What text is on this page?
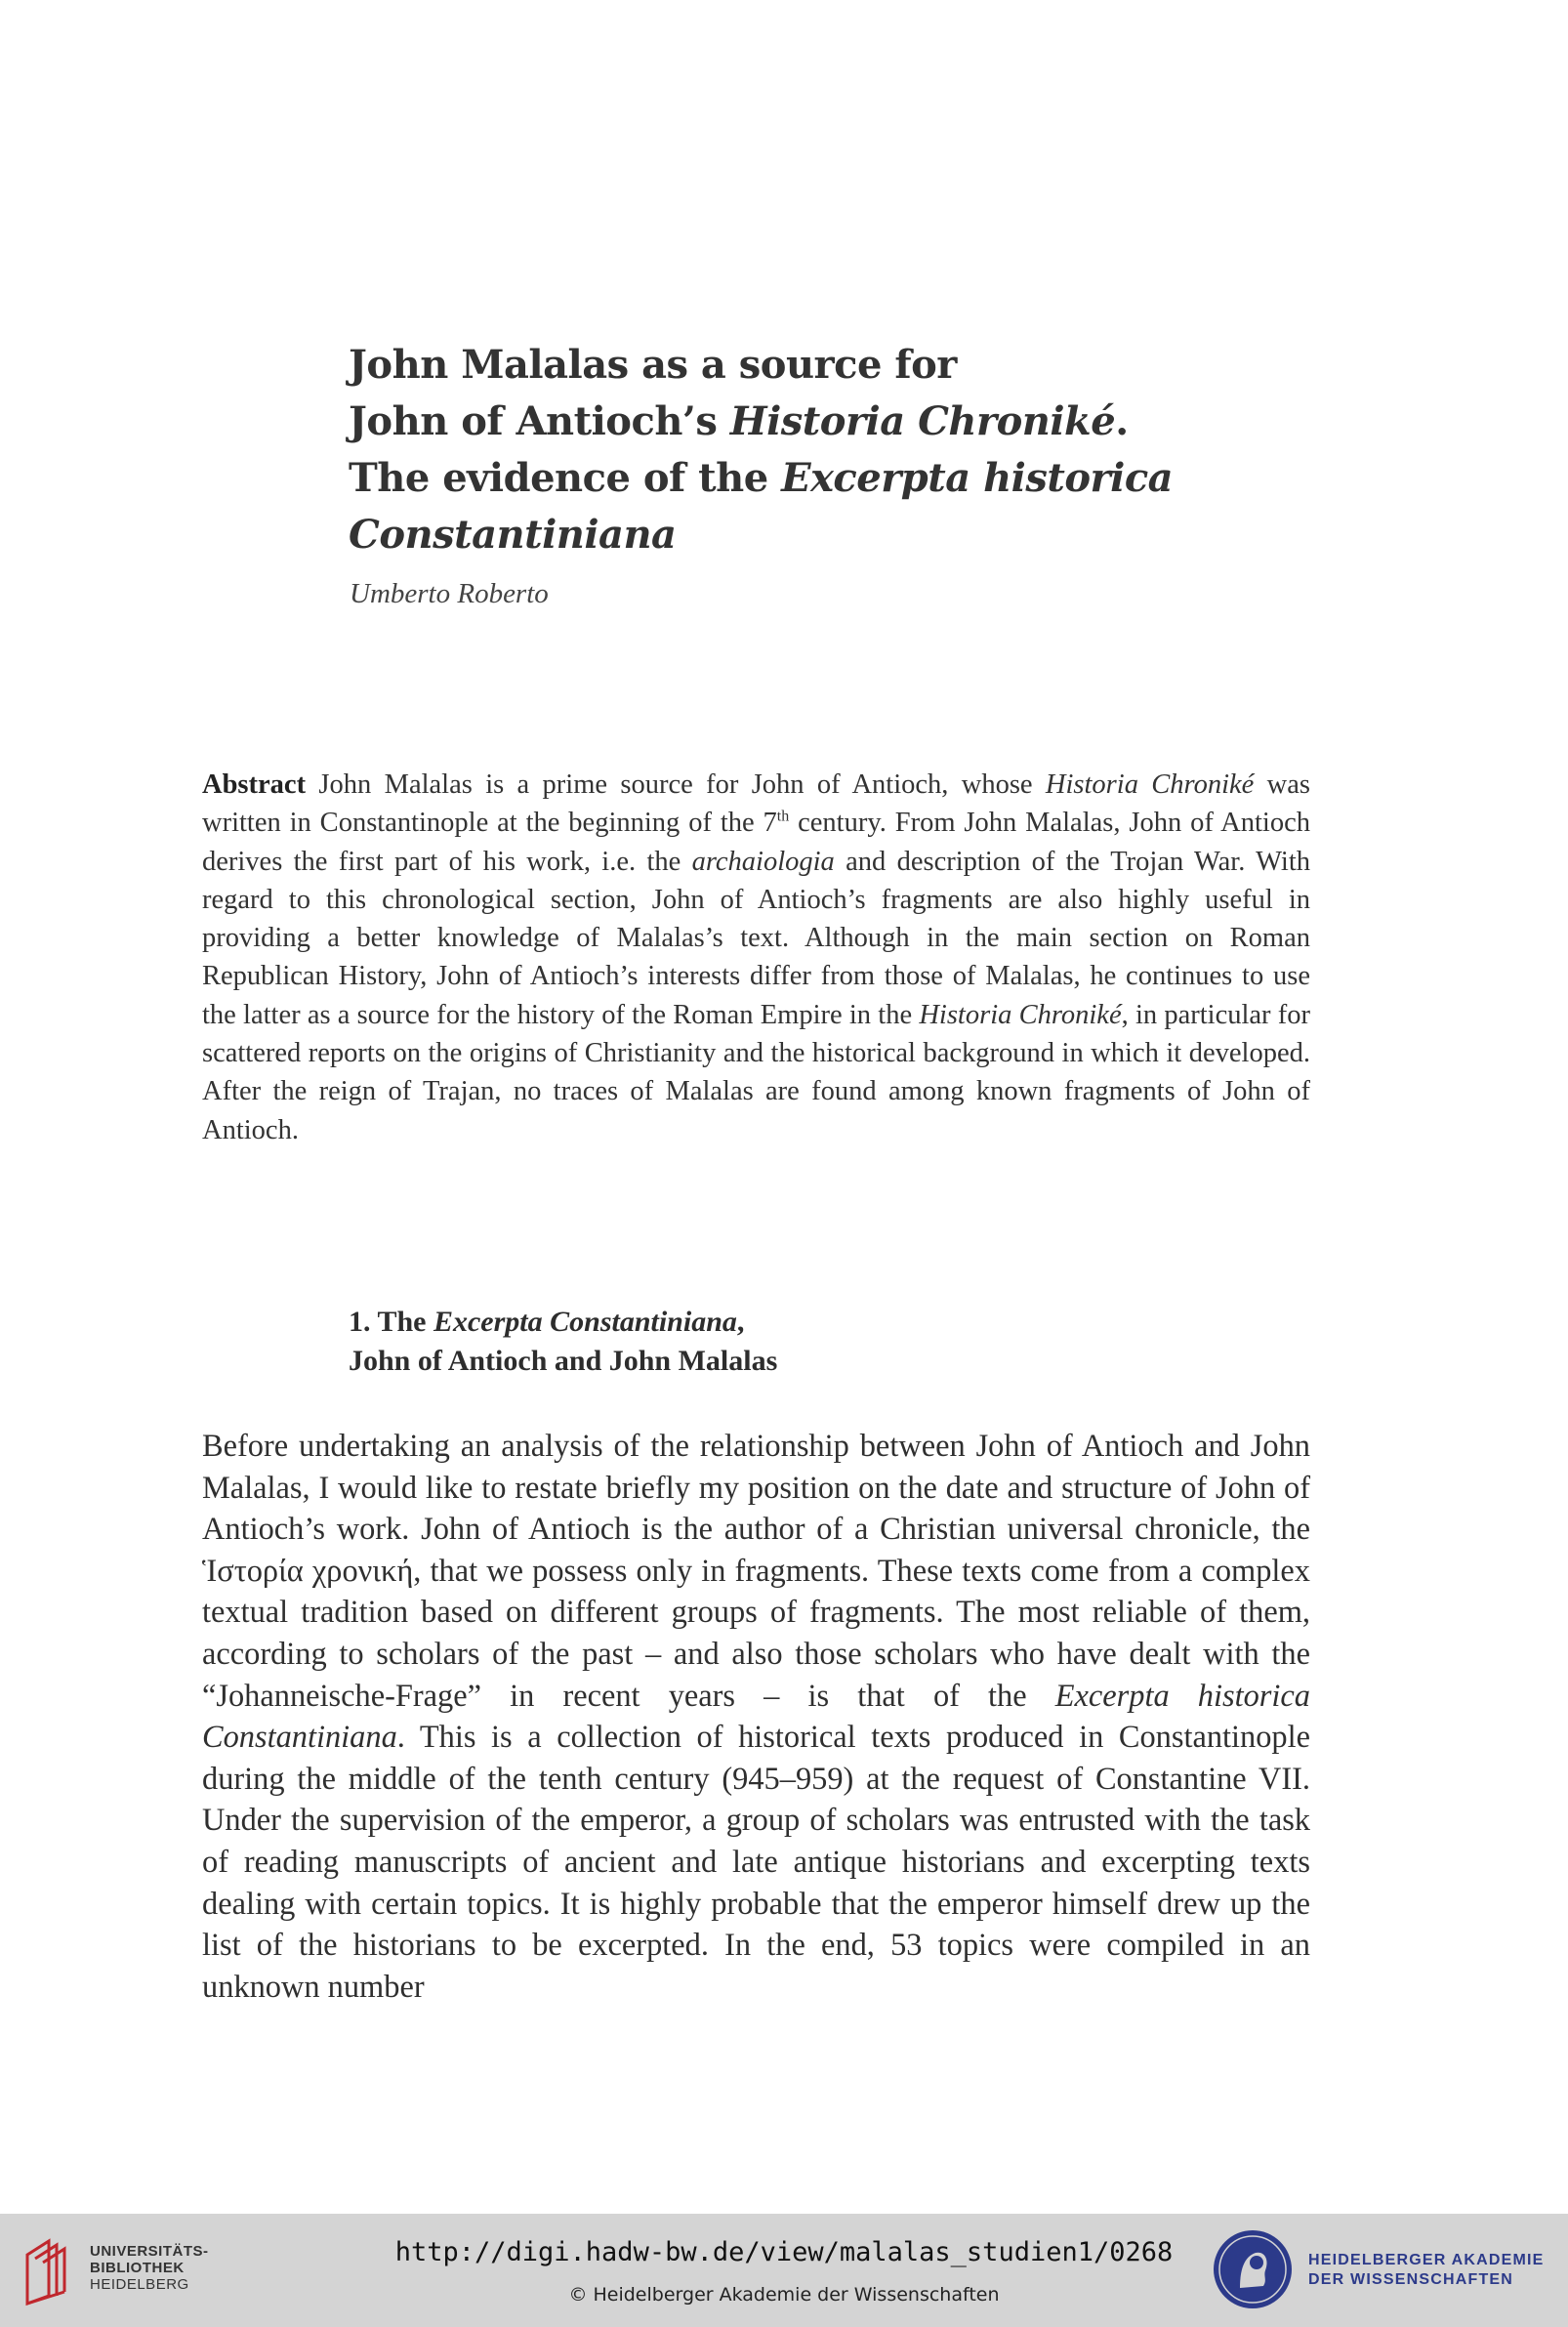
John Malalas as a source for
John of Antioch’s Historia Chroniké.
The evidence of the Excerpta historica
Constantiniana
Umberto Roberto
Abstract John Malalas is a prime source for John of Antioch, whose Historia Chroniké was written in Constantinople at the beginning of the 7th century. From John Malalas, John of Antioch derives the first part of his work, i.e. the archaiologia and description of the Trojan War. With regard to this chronological section, John of Antioch’s fragments are also highly useful in providing a better knowledge of Malalas’s text. Although in the main section on Roman Republican History, John of Antioch’s interests differ from those of Malalas, he continues to use the latter as a source for the history of the Roman Empire in the Historia Chroniké, in particular for scattered reports on the origins of Christianity and the historical background in which it developed. After the reign of Trajan, no traces of Malalas are found among known fragments of John of Antioch.
1. The Excerpta Constantiniana,
John of Antioch and John Malalas
Before undertaking an analysis of the relationship between John of Antioch and John Malalas, I would like to restate briefly my position on the date and structure of John of Antioch’s work. John of Antioch is the author of a Christian universal chronicle, the Ἱστορία χρονική, that we possess only in fragments. These texts come from a complex textual tradition based on different groups of fragments. The most reliable of them, according to scholars of the past – and also those scholars who have dealt with the “Johanneische-Frage” in recent years – is that of the Excerpta historica Constantiniana. This is a collection of historical texts produced in Constantinople during the middle of the tenth century (945–959) at the request of Constantine VII. Under the supervision of the emperor, a group of scholars was entrusted with the task of reading manuscripts of ancient and late antique historians and excerpting texts dealing with certain topics. It is highly probable that the emperor himself drew up the list of the historians to be excerpted. In the end, 53 topics were compiled in an unknown number
UNIVERSITÄTS-
BIBLIOTHEK
HEIDELBERG
http://digi.hadw-bw.de/view/malalas_studien1/0268
© Heidelberger Akademie der Wissenschaften
HEIDELBERGER AKADEMIE
DER WISSENSCHAFTEN
